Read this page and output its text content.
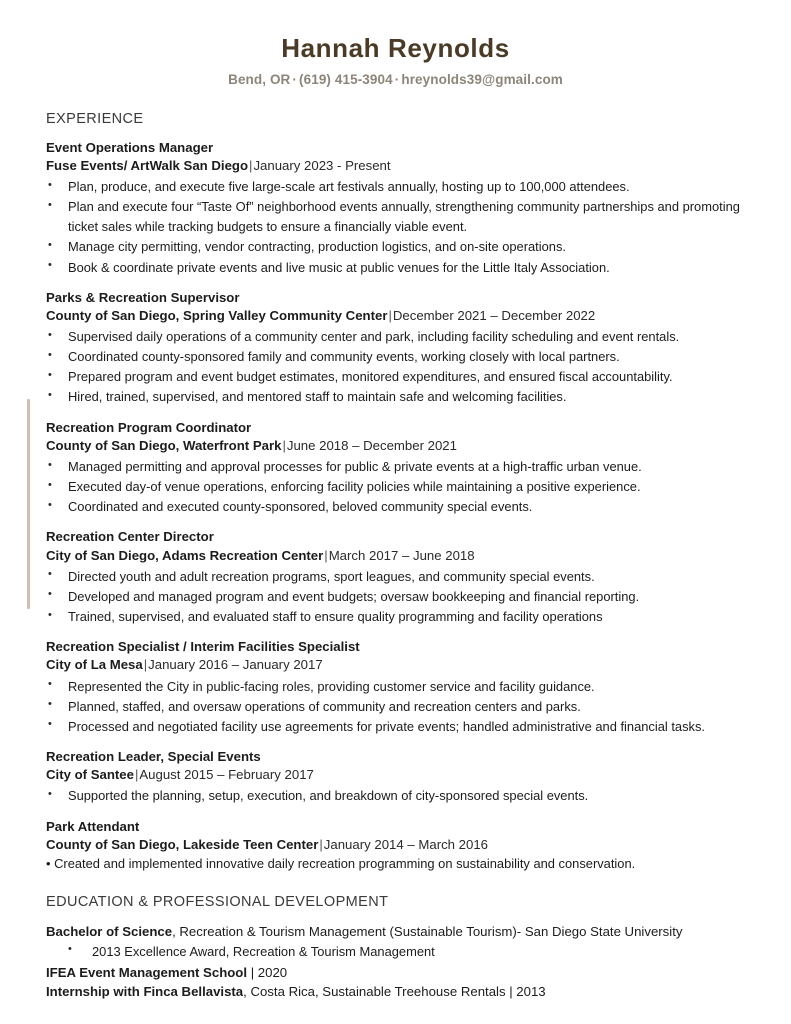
Hannah Reynolds
Bend, OR · (619) 415-3904 · hreynolds39@gmail.com
EXPERIENCE
Event Operations Manager
Fuse Events/ ArtWalk San Diego|January 2023 - Present
• Plan, produce, and execute five large-scale art festivals annually, hosting up to 100,000 attendees.
• Plan and execute four “Taste Of” neighborhood events annually, strengthening community partnerships and promoting ticket sales while tracking budgets to ensure a financially viable event.
• Manage city permitting, vendor contracting, production logistics, and on-site operations.
• Book & coordinate private events and live music at public venues for the Little Italy Association.
Parks & Recreation Supervisor
County of San Diego, Spring Valley Community Center|December 2021 – December 2022
• Supervised daily operations of a community center and park, including facility scheduling and event rentals.
• Coordinated county-sponsored family and community events, working closely with local partners.
• Prepared program and event budget estimates, monitored expenditures, and ensured fiscal accountability.
• Hired, trained, supervised, and mentored staff to maintain safe and welcoming facilities.
Recreation Program Coordinator
County of San Diego, Waterfront Park|June 2018 – December 2021
• Managed permitting and approval processes for public & private events at a high-traffic urban venue.
• Executed day-of venue operations, enforcing facility policies while maintaining a positive experience.
• Coordinated and executed county-sponsored, beloved community special events.
Recreation Center Director
City of San Diego, Adams Recreation Center|March 2017 – June 2018
• Directed youth and adult recreation programs, sport leagues, and community special events.
• Developed and managed program and event budgets; oversaw bookkeeping and financial reporting.
• Trained, supervised, and evaluated staff to ensure quality programming and facility operations
Recreation Specialist / Interim Facilities Specialist
City of La Mesa|January 2016 – January 2017
• Represented the City in public-facing roles, providing customer service and facility guidance.
• Planned, staffed, and oversaw operations of community and recreation centers and parks.
• Processed and negotiated facility use agreements for private events; handled administrative and financial tasks.
Recreation Leader, Special Events
City of Santee|August 2015 – February 2017
• Supported the planning, setup, execution, and breakdown of city-sponsored special events.
Park Attendant
County of San Diego, Lakeside Teen Center|January 2014 – March 2016
• Created and implemented innovative daily recreation programming on sustainability and conservation.
EDUCATION & PROFESSIONAL DEVELOPMENT
Bachelor of Science, Recreation & Tourism Management (Sustainable Tourism)- San Diego State University
• 2013 Excellence Award, Recreation & Tourism Management
IFEA Event Management School | 2020
Internship with Finca Bellavista, Costa Rica, Sustainable Treehouse Rentals | 2013
